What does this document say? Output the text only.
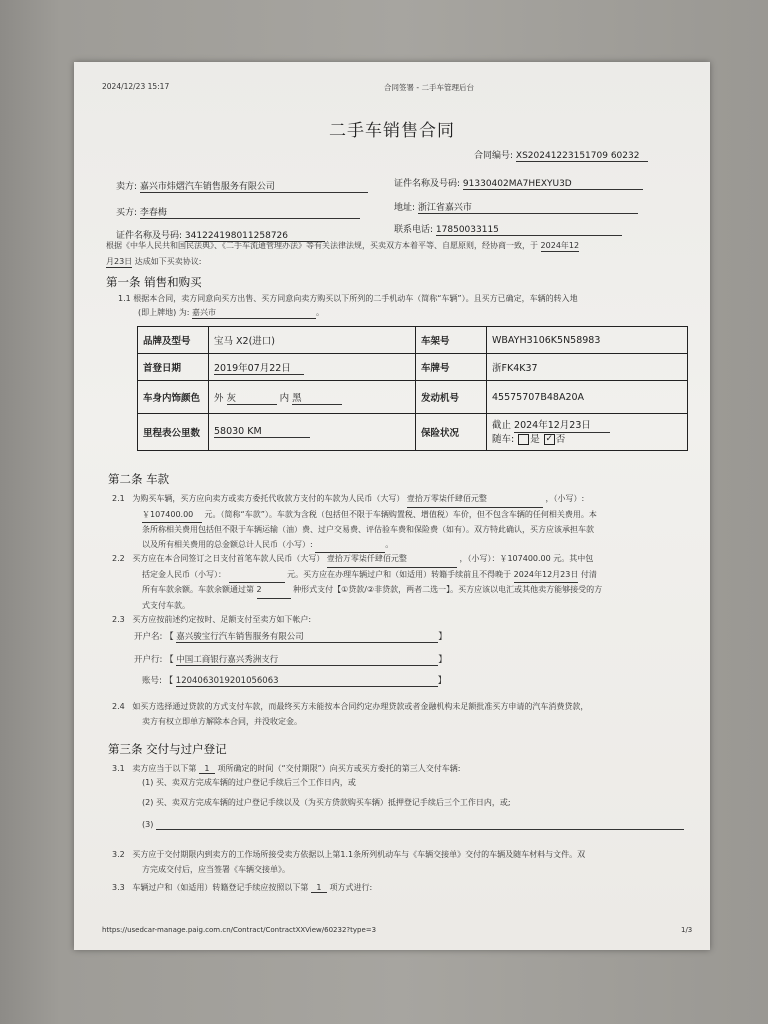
2024/12/23 15:17	合同签署 - 二手车管理后台
二手车销售合同
合同编号: XS20241223151709 60232
卖方: 嘉兴市炜熠汽车销售服务有限公司	证件名称及号码: 91330402MA7HEXYU3D
买方: 李春梅	地址: 浙江省嘉兴市
证件名称及号码: 341224198011258726
联系电话: 17850033115
根据《中华人民共和国民法典》、《二手车流通管理办法》等有关法律法规，买卖双方本着平等、自愿原则，经协商一致，于 2024年12
月23日 达成如下买卖协议:
第一条 销售和购买
1.1 根据本合同，卖方同意向买方出售、买方同意向卖方购买以下所列的二手机动车（简称“车辆”）。且买方已确定，车辆的转入地
(即上牌地) 为: 嘉兴市	。
品牌及型号	宝马 X2(进口)	车架号	WBAYH3106K5N58983
首登日期	2019年07月22日	车牌号	浙FK4K37
车身内饰颜色	外 灰 内 黑	发动机号	45575707B48A20A
里程表公里数	58030 KM	保险状况	截止 2024年12月23日
随车: 是 ✓ 否
第二条 车款
2.1 为购买车辆，买方应向卖方或卖方委托代收款方支付的车款为人民币（大写） 壹拾万零柒仟肆佰元整	，（小写）:
￥107400.00 元。（简称“车款”）。车款为含税（包括但不限于车辆购置税、增值税）车价，但不包含车辆的任何相关费用。本
条所称相关费用包括但不限于车辆运输（油）费、过户交易费、评估验车费和保险费（如有）。双方特此确认，买方应该承担车款
以及所有相关费用的总金额总计人民币（小写）:	。
2.2 买方应在本合同签订之日支付首笔车款人民币（大写） 壹拾万零柒仟肆佰元整	，（小写）：￥107400.00 元。其中包
括定金人民币（小写）：	元。买方应在办理车辆过户和（如适用）转籍手续前且不得晚于 2024年12月23日 付清
所有车款余额。车款余额通过第 2	种形式支付【①贷款/②非贷款，两者二选一】。买方应该以电汇或其他卖方能够接受的方
式支付车款。
2.3 买方应按前述约定按时、足额支付至卖方如下帐户:
开户名: 【 嘉兴骏宝行汽车销售服务有限公司	】
开户行: 【 中国工商银行嘉兴秀洲支行	】
账号: 【 1204063019201056063	】
2.4 如买方选择通过贷款的方式支付车款，而最终买方未能按本合同约定办理贷款或者金融机构未足额批准买方申请的汽车消费贷款，
卖方有权立即单方解除本合同，并没收定金。
第三条 交付与过户登记
3.1 卖方应当于以下第 1 项所确定的时间（“交付期限”）向买方或买方委托的第三人交付车辆:
(1) 买、卖双方完成车辆的过户登记手续后三个工作日内，或
(2) 买、卖双方完成车辆的过户登记手续以及（为买方贷款购买车辆）抵押登记手续后三个工作日内，或;
(3)
3.2 买方应于交付期限内到卖方的工作场所接受卖方依据以上第1.1条所列机动车与《车辆交接单》交付的车辆及随车材料与文件。双
方完成交付后，应当签署《车辆交接单》。
3.3 车辆过户和（如适用）转籍登记手续应按照以下第 1 项方式进行:
https://usedcar-manage.paig.com.cn/Contract/ContractXXView/60232?type=3	1/3
